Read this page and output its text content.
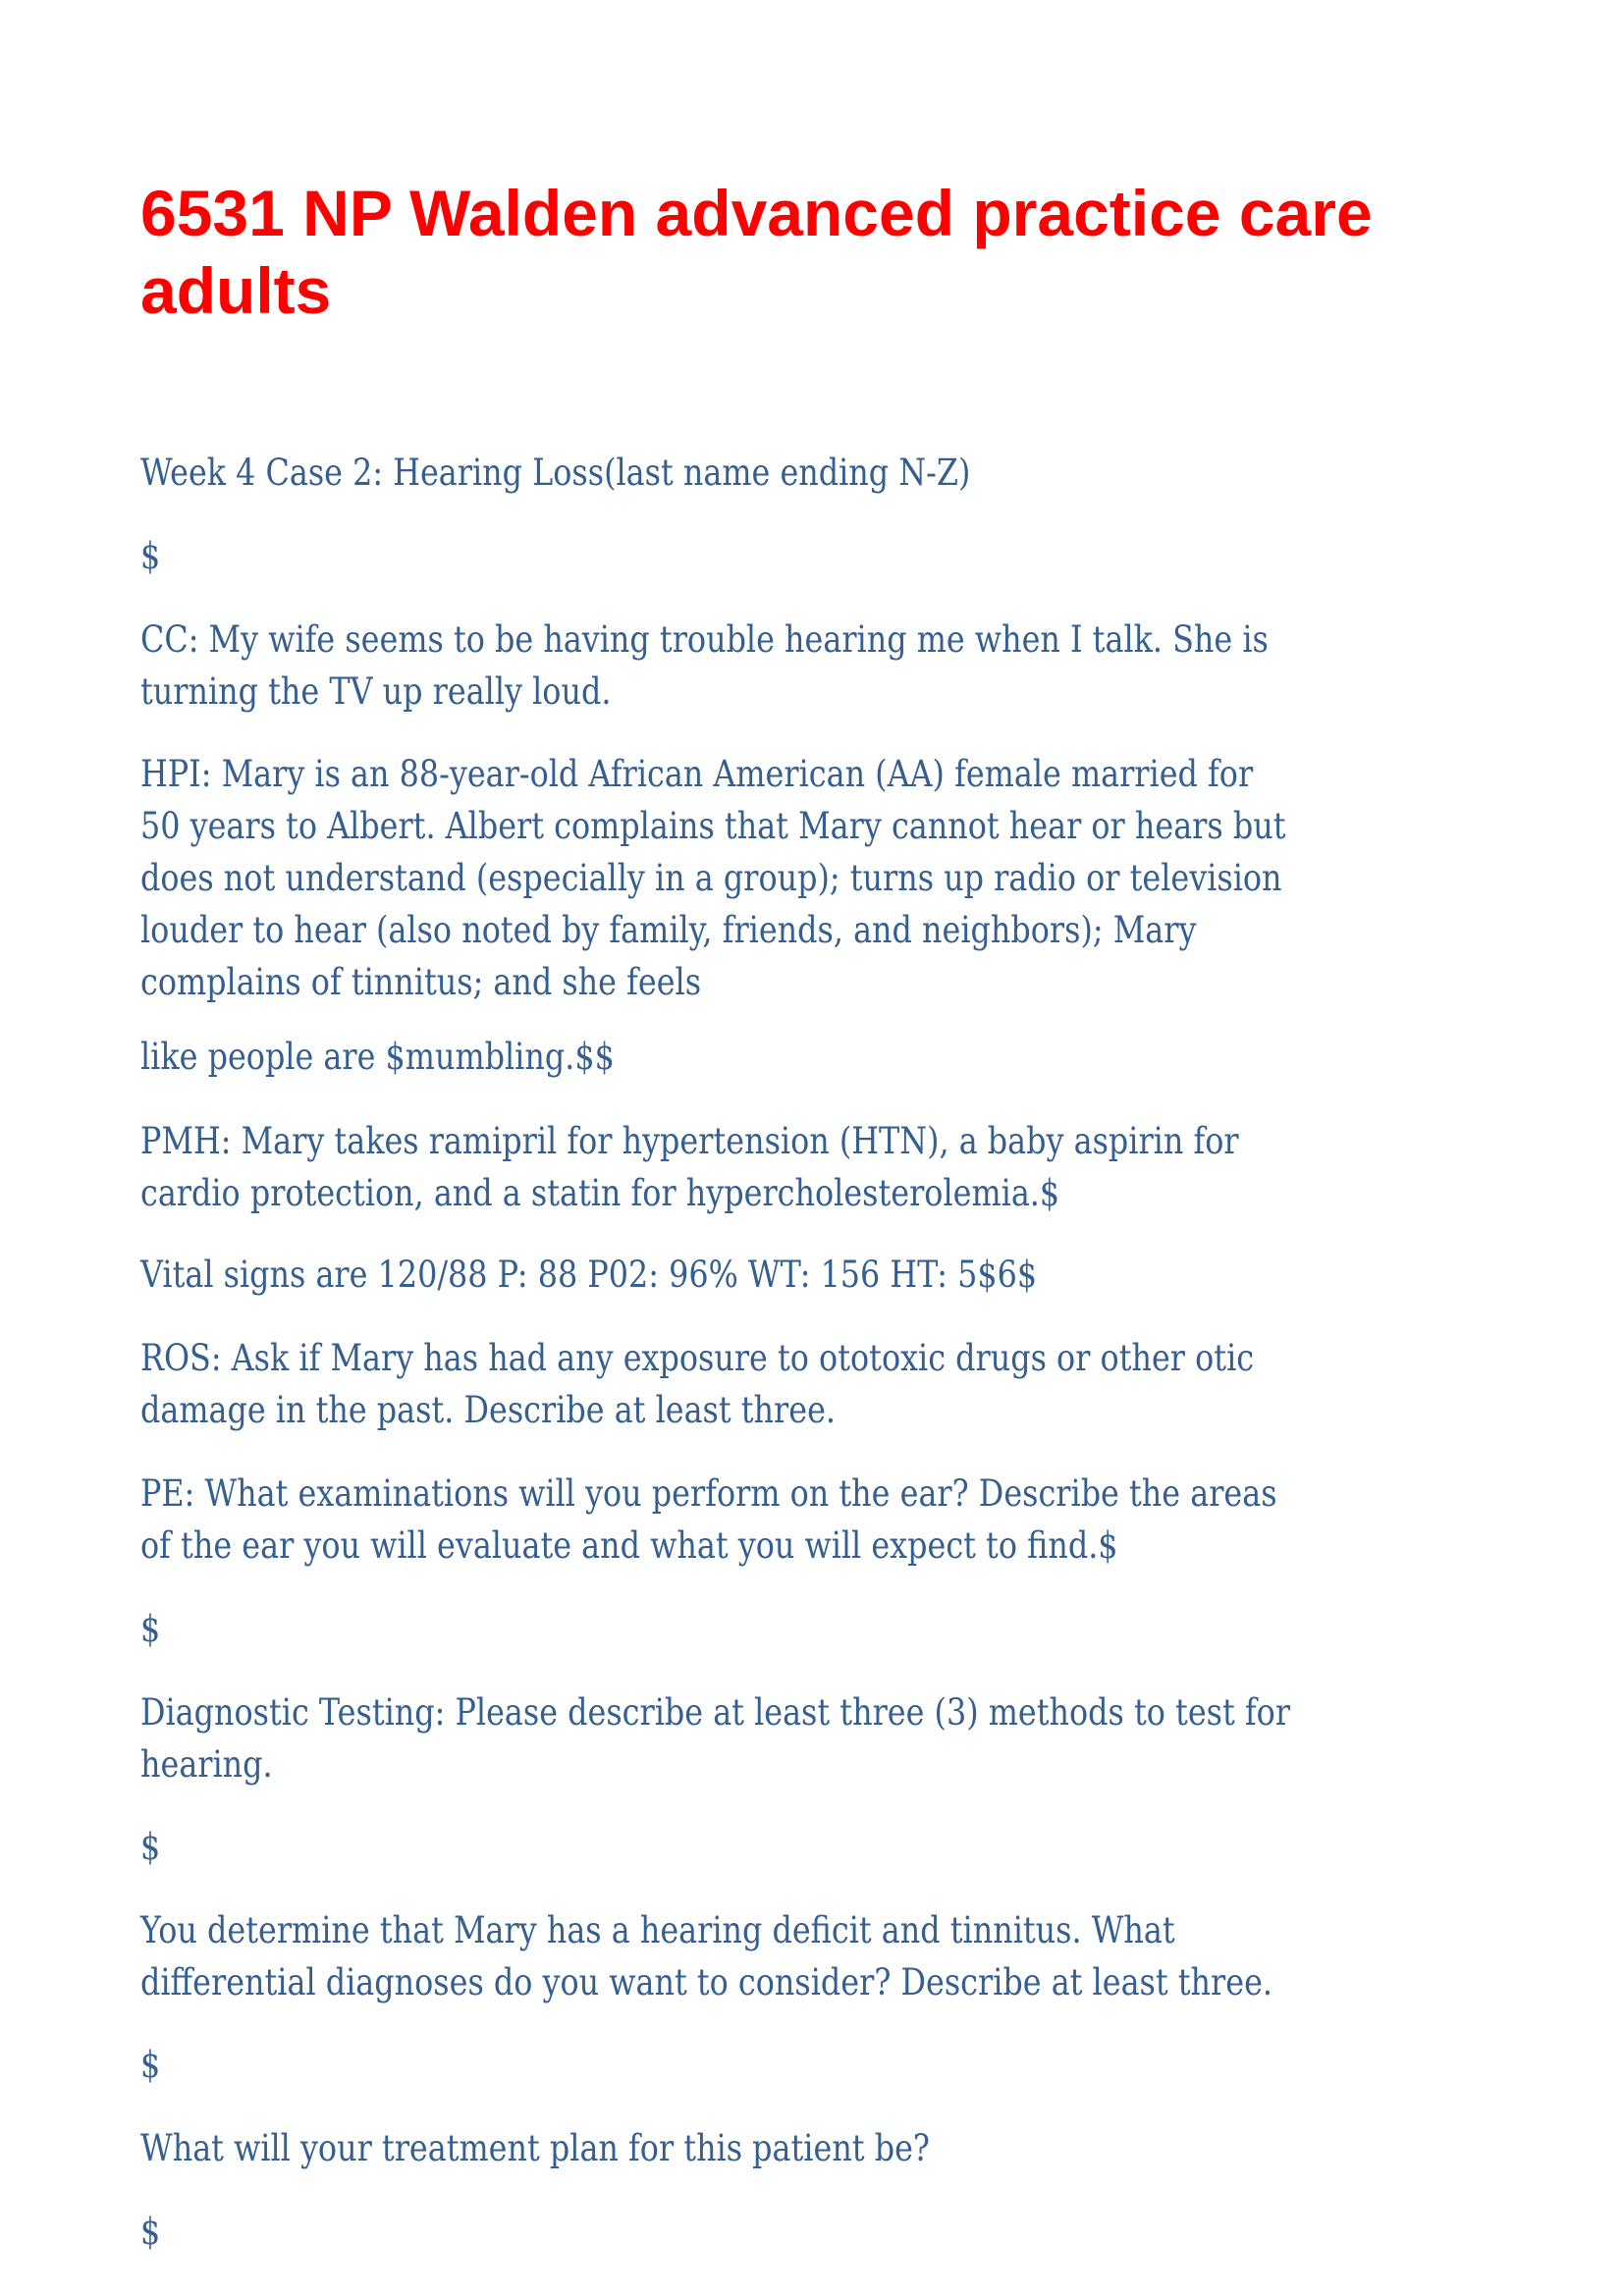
6531 NP Walden advanced practice care adults

Week 4 Case 2: Hearing Loss(last name ending N-Z)

$

CC: My wife seems to be having trouble hearing me when I talk. She is
turning the TV up really loud.

HPI: Mary is an 88-year-old African American (AA) female married for
50 years to Albert. Albert complains that Mary cannot hear or hears but
does not understand (especially in a group); turns up radio or television
louder to hear (also noted by family, friends, and neighbors); Mary
complains of tinnitus; and she feels

like people are $mumbling.$$

PMH: Mary takes ramipril for hypertension (HTN), a baby aspirin for
cardio protection, and a statin for hypercholesterolemia.$

Vital signs are 120/88 P: 88 P02: 96% WT: 156 HT: 5$6$

ROS: Ask if Mary has had any exposure to ototoxic drugs or other otic
damage in the past. Describe at least three.

PE: What examinations will you perform on the ear? Describe the areas
of the ear you will evaluate and what you will expect to find.$

$

Diagnostic Testing: Please describe at least three (3) methods to test for
hearing.

$

You determine that Mary has a hearing deficit and tinnitus. What
differential diagnoses do you want to consider? Describe at least three.

$

What will your treatment plan for this patient be?

$
